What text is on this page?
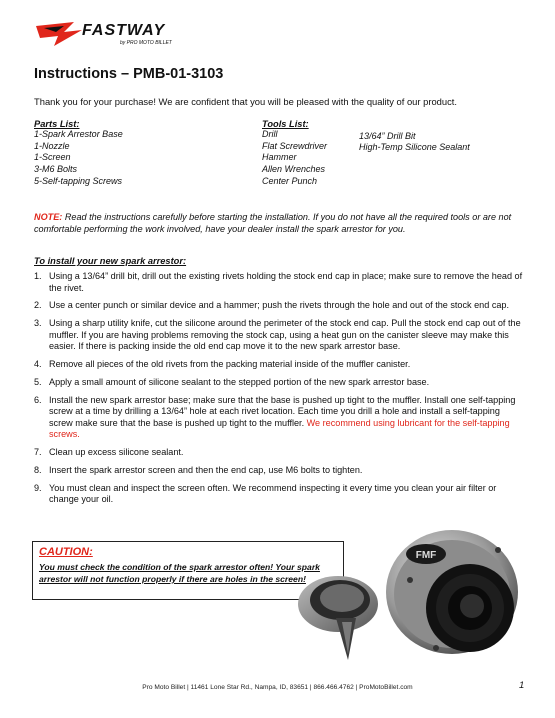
FASTWAY
by PRO MOTO BILLET
Instructions – PMB-01-3103
Thank you for your purchase! We are confident that you will be pleased with the quality of our product.
Parts List:
1-Spark Arrestor Base
1-Nozzle
1-Screen
3-M6 Bolts
5-Self-tapping Screws
Tools List:
Drill
Flat Screwdriver
Hammer
Allen Wrenches
Center Punch
13/64” Drill Bit
High-Temp Silicone Sealant
NOTE: Read the instructions carefully before starting the installation. If you do not have all the required tools or are not comfortable performing the work involved, have your dealer install the spark arrestor for you.
To install your new spark arrestor:
1. Using a 13/64” drill bit, drill out the existing rivets holding the stock end cap in place; make sure to remove the head of the rivet.
2. Use a center punch or similar device and a hammer; push the rivets through the hole and out of the stock end cap.
3. Using a sharp utility knife, cut the silicone around the perimeter of the stock end cap. Pull the stock end cap out of the muffler. If you are having problems removing the stock cap, using a heat gun on the canister sleeve may make this easier. If there is packing inside the old end cap move it to the new spark arrestor base.
4. Remove all pieces of the old rivets from the packing material inside of the muffler canister.
5. Apply a small amount of silicone sealant to the stepped portion of the new spark arrestor base.
6. Install the new spark arrestor base; make sure that the base is pushed up tight to the muffler. Install one self-tapping screw at a time by drilling a 13/64” hole at each rivet location. Each time you drill a hole and install a self-tapping screw make sure that the base is pushed up tight to the muffler. We recommend using lubricant for the self-tapping screws.
7. Clean up excess silicone sealant.
8. Insert the spark arrestor screen and then the end cap, use M6 bolts to tighten.
9. You must clean and inspect the screen often. We recommend inspecting it every time you clean your air filter or change your oil.
CAUTION:
You must check the condition of the spark arrestor often! Your spark arrestor will not function properly if there are holes in the screen!
FMF
Pro Moto Billet | 11461 Lone Star Rd., Nampa, ID, 83651 | 866.466.4762 | ProMotoBillet.com	1
